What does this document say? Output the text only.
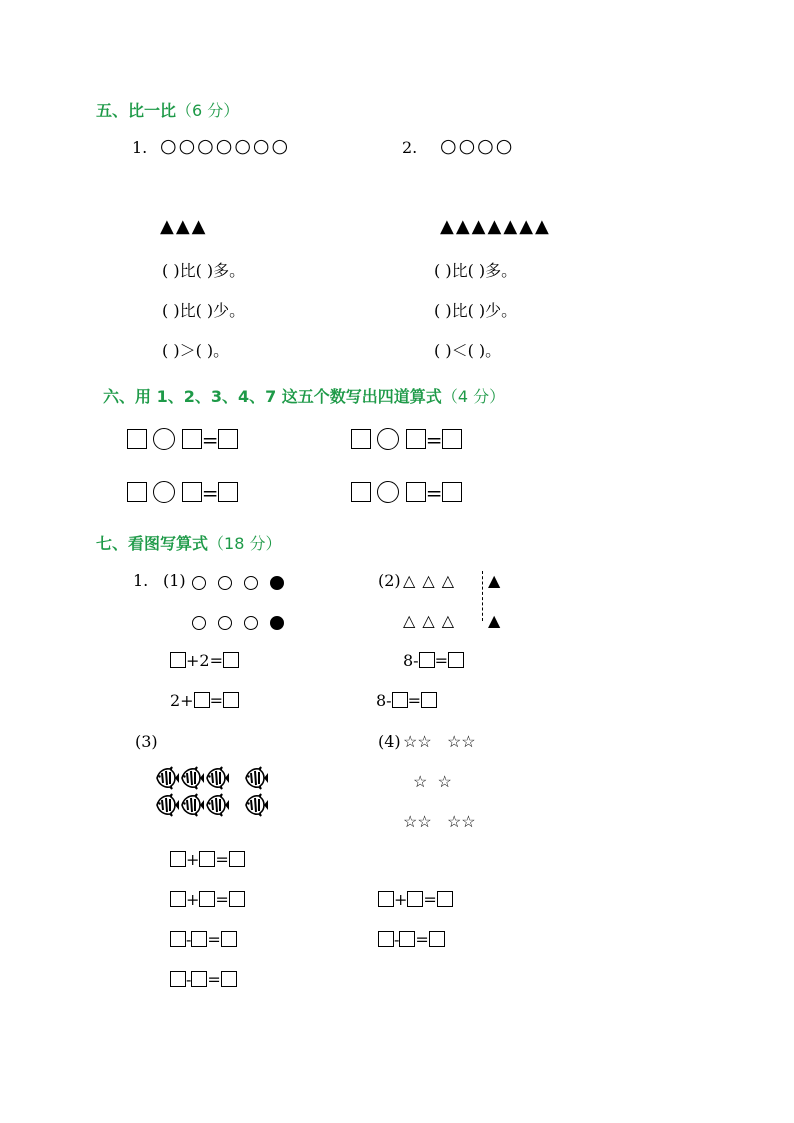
五、比一比（6 分）
1. ○○○○○○○
▲▲▲
2. ○○○○
▲▲▲▲▲▲▲
( )比( )多。
( )比( )少。
( )＞( )。
( )比( )多。
( )比( )少。
( )＜( )。
六、用 1、2、3、4、7 这五个数写出四道算式（4 分）
=	=
=	=
七、看图写算式（18 分）
1. (1)
+2=
2+ =
(2) △ △ △
△ △ △
▲
▲
8- =
8- =
(3)
+ =
+ =
- =
- =
(4) ☆☆   ☆☆
☆  ☆
☆☆   ☆☆
+ =
- =
